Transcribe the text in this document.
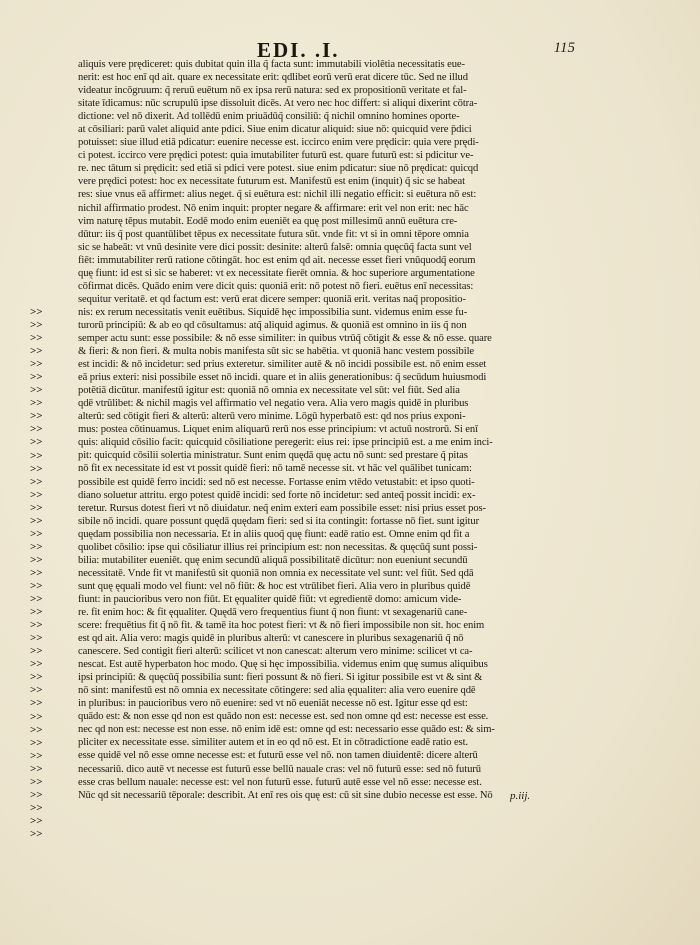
EDI. .I.	115
>>
>>
>>
>>
>>
>>
>>
>>
>>
>>
>>
>>
>>
>>
>>
>>
>>
>>
>>
>>
>>
>>
>>
>>
>>
>>
>>
>>
>>
>>
>>
>>
>>
>>
>>
>>
>>
>>
>>
>>
>>
aliquis vere prędiceret: quis dubitat quin illa q̃ facta sunt: immutabili violētia necessitatis eue-
nerit: est hoc enī qd ait. quare ex necessitate erit: qdlibet eorū verū erat dicere tūc. Sed ne illud
videatur incōgruum: q̃ reruū euētum nō ex ipsa rerū natura: sed ex propositionū veritate et fal-
sitate īdicamus: nūc scrupulū ipse dissoluit dicēs. At vero nec hoc differt: si aliqui dixerint cōtra-
dictione: vel nō dixerit. Ad tollēdū enim priuādūq̃ consiliū: q̃ nichil omnino homines oporte-
at cōsiliari: parū valet aliquid ante pdici. Siue enim dicatur aliquid: siue nō: quicquid vere p̄dici
potuisset: siue illud etiā pdicatur: euenire necesse est. iccirco enim vere prędicir: quia vere prędi-
ci potest. iccirco vere prędici potest: quia imutabiliter futurū est. quare futurū est: si pdicitur ve-
re. nec tātum si prędicit: sed etiā si pdici vere potest. siue enim pdicatur: siue nō prędicat: quicqd
vere prędici potest: hoc ex necessitate futurum est. Manifestū est enim (inquit) q̃ sic se habeat
res: siue vnus eā affirmet: alius neget. q̃ si euētura est: nichil illi negatio efficit: si euētura nō est:
nichil affirmatio prodest. Nō enim inquit: propter negare & affirmare: erit vel non erit: nec hāc
vim naturę tēpus mutabit. Eodē modo enim eueniēt ea quę post millesimū annū euētura cre-
dūtur: iis q̃ post quantūlibet tēpus ex necessitate futura sūt. vnde fit: vt si in omni tēpore omnia
sic se habeāt: vt vnū desinite vere dici possit: desinite: alterū falsē: omnia quęcūq̃ facta sunt vel
fiēt: immutabiliter rerū ratione cōtingāt. hoc est enim qd ait. necesse esset fieri vnūquodq̃ eorum
quę fiunt: id est si sic se haberet: vt ex necessitate fierēt omnia. & hoc superiore argumentatione
cōfirmat dicēs. Quādo enim vere dicit quis: quoniā erit: nō potest nō fieri. euētus enī necessitas:
sequitur veritatē. et qd factum est: verū erat dicere semper: quoniā erit. veritas naq̃ propositio-
nis: ex rerum necessitatis venit euētibus. Siquidē hęc impossibilia sunt. videmus enim esse fu-
turorū principiū: & ab eo qd cōsultamus: atq̃ aliquid agimus. & quoniā est omnino in iis q̃ non
semper actu sunt: esse possibile: & nō esse similiter: in quibus vtrūq̃ cōtigit & esse & nō esse. quare
& fieri: & non fieri. & multa nobis manifesta sūt sic se habētia. vt quoniā hanc vestem possibile
est incidi: & nō incidetur: sed prius exteretur. similiter autē & nō incidi possibile est. nō enim esset
eā prius exteri: nisi possibile esset nō incidi. quare et in aliis generationibus: q̃ secūdum huiusmodi
potētiā dicūtur. manifestū igitur est: quoniā nō omnia ex necessitate vel sūt: vel fiūt. Sed alia
qdē vtrūlibet: & nichil magis vel affirmatio vel negatio vera. Alia vero magis quidē in pluribus
alterū: sed cōtigit fieri & alterū: alterū vero minime. Lōgū hyperbatō est: qd nos prius exponi-
mus: postea cōtinuamus. Liquet enim aliquarū rerū nos esse principium: vt actuū nostrorū. Si enī
quis: aliquid cōsilio facit: quicquid cōsiliatione peregerit: eius rei: ipse principiū est. a me enim inci-
pit: quicquid cōsilii solertia ministratur. Sunt enim quędā quę actu nō sunt: sed prestare q̃ pitas
nō fit ex necessitate id est vt possit quidē fieri: nō tamē necesse sit. vt hāc vel quālibet tunicam:
possibile est quidē ferro incidi: sed nō est necesse. Fortasse enim vtēdo vetustabit: et ipso quoti-
diano soluetur attritu. ergo potest quidē incidi: sed forte nō incidetur: sed anteq̃ possit incidi: ex-
teretur. Rursus dotest fieri vt nō diuidatur. neq̃ enim exteri eam possibile esset: nisi prius esset pos-
sibile nō incidi. quare possunt quędā quędam fieri: sed si ita contingit: fortasse nō fiet. sunt igitur
quędam possibilia non necessaria. Et in aliis quoq̃ quę fiunt: eadē ratio est. Omne enim qd fit a
quolibet cōsilio: ipse qui cōsiliatur illius rei principium est: non necessitas. & quęcūq̃ sunt possi-
bilia: mutabiliter eueniēt. quę enim secundū aliquā possibilitatē dicūtur: non eueniunt secundū
necessitatē. Vnde fit vt manifestū sit quoniā non omnia ex necessitate vel sunt: vel fiūt. Sed qdā
sunt quę ęquali modo vel fiunt: vel nō fiūt: & hoc est vtrūlibet fieri. Alia vero in pluribus quidē
fiunt: in paucioribus vero non fiūt. Et ęqualiter quidē fiūt: vt egredientē domo: amicum vide-
re. fit enim hoc: & fit ęqualiter. Quędā vero frequentius fiunt q̃ non fiunt: vt sexagenariū cane-
scere: frequētius fit q̃ nō fit. & tamē ita hoc potest fieri: vt & nō fieri impossibile non sit. hoc enim
est qd ait. Alia vero: magis quidē in pluribus alterū: vt canescere in pluribus sexagenariū q̃ nō
canescere. Sed contigit fieri alterū: scilicet vt non canescat: alterum vero minime: scilicet vt ca-
nescat. Est autē hyperbaton hoc modo. Quę si hęc impossibilia. videmus enim quę sumus aliquibus
ipsi principiū: & quęcūq̃ possibilia sunt: fieri possunt & nō fieri. Si igitur possibile est vt & sint &
nō sint: manifestū est nō omnia ex necessitate cōtingere: sed alia ęqualiter: alia vero euenire qdē
in pluribus: in paucioribus vero nō euenire: sed vt nō eueniāt necesse nō est. Igitur esse qd est:
quādo est: & non esse qd non est quādo non est: necesse est. sed non omne qd est: necesse est esse.
nec qd non est: necesse est non esse. nō enim idē est: omne qd est: necessario esse quādo est: & sim-
pliciter ex necessitate esse. similiter autem et in eo qd nō est. Et in cōtradictione eadē ratio est.
esse quidē vel nō esse omne necesse est: et futurū esse vel nō. non tamen diuidentē: dicere alterū
necessariū. dico autē vt necesse est futurū esse bellū nauale cras: vel nō futurū esse: sed nō futurū
esse cras bellum nauale: necesse est: vel non futurū esse. futurū autē esse vel nō esse: necesse est.
Nūc qd sit necessariū tēporale: describit. At enī res ois quę est: cū sit sine dubio necesse est esse. Nō	p.iij.
